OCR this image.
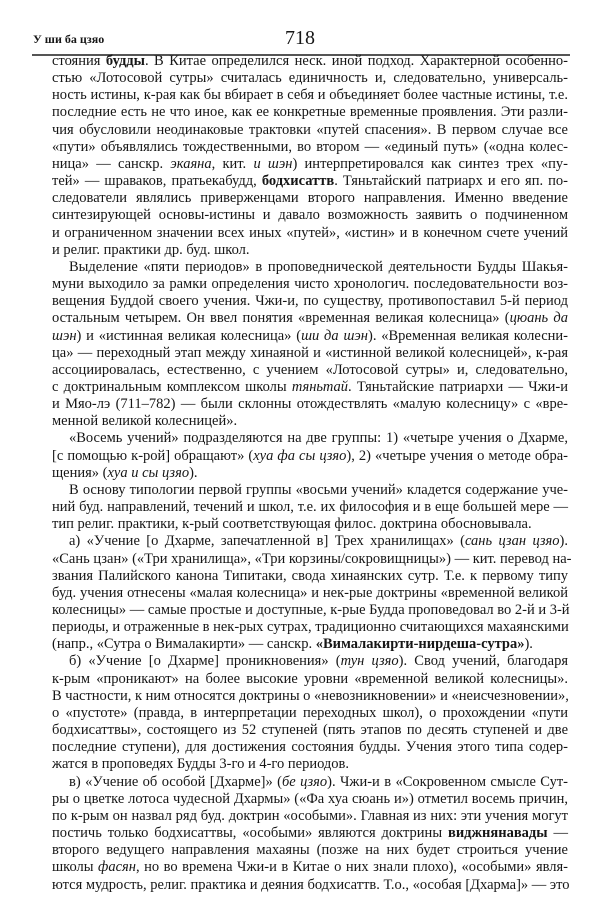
У ши ба цзяо	718
стояния будды. В Китае определился неск. иной подход. Характерной особенно-
стью «Лотосовой сутры» считалась единичность и, следовательно, универсаль-
ность истины, к-рая как бы вбирает в себя и объединяет более частные истины, т.е.
последние есть не что иное, как ее конкретные временные проявления. Эти разли-
чия обусловили неодинаковые трактовки «путей спасения». В первом случае все
«пути» объявлялись тождественными, во втором — «единый путь» («одна колес-
ница» — санскр. экаяна, кит. и шэн) интерпретировался как синтез трех «пу-
тей» — шраваков, пратьекабудд, бодхисаттв. Тяньтайский патриарх и его яп. по-
следователи являлись приверженцами второго направления. Именно введение
синтезирующей основы-истины и давало возможность заявить о подчиненном
и ограниченном значении всех иных «путей», «истин» и в конечном счете учений
и религ. практики др. буд. школ.
Выделение «пяти периодов» в проповеднической деятельности Будды Шакья-
муни выходило за рамки определения чисто хронологич. последовательности воз-
вещения Буддой своего учения. Чжи-и, по существу, противопоставил 5-й период
остальным четырем. Он ввел понятия «временная великая колесница» (цюань да
шэн) и «истинная великая колесница» (ши да шэн). «Временная великая колесни-
ца» — переходный этап между хинаяной и «истинной великой колесницей», к-рая
ассоциировалась, естественно, с учением «Лотосовой сутры» и, следовательно,
с доктринальным комплексом школы тяньтай. Тяньтайские патриархи — Чжи-и
и Мяо-лэ (711–782) — были склонны отождествлять «малую колесницу» с «вре-
менной великой колесницей».
«Восемь учений» подразделяются на две группы: 1) «четыре учения о Дхарме,
[с помощью к-рой] обращают» (хуа фа сы цзяо), 2) «четыре учения о методе обра-
щения» (хуа и сы цзяо).
В основу типологии первой группы «восьми учений» кладется содержание уче-
ний буд. направлений, течений и школ, т.е. их философия и в еще большей мере —
тип религ. практики, к-рый соответствующая филос. доктрина обосновывала.
а) «Учение [о Дхарме, запечатленной в] Трех хранилищах» (сань цзан цзяо).
«Сань цзан» («Три хранилища», «Три корзины/сокровищницы») — кит. перевод на-
звания Палийского канона Типитаки, свода хинаянских сутр. Т.е. к первому типу
буд. учения отнесены «малая колесница» и нек-рые доктрины «временной великой
колесницы» — самые простые и доступные, к-рые Будда проповедовал во 2-й и 3-й
периоды, и отраженные в нек-рых сутрах, традиционно считающихся махаянскими
(напр., «Сутра о Вималакирти» — санскр. «Вималакирти-нирдеша-сутра»).
б) «Учение [о Дхарме] проникновения» (тун цзяо). Свод учений, благодаря
к-рым «проникают» на более высокие уровни «временной великой колесницы».
В частности, к ним относятся доктрины о «невозникновении» и «неисчезновении»,
о «пустоте» (правда, в интерпретации переходных школ), о прохождении «пути
бодхисаттвы», состоящего из 52 ступеней (пять этапов по десять ступеней и две
последние ступени), для достижения состояния будды. Учения этого типа содер-
жатся в проповедях Будды 3-го и 4-го периодов.
в) «Учение об особой [Дхарме]» (бе цзяо). Чжи-и в «Сокровенном смысле Сут-
ры о цветке лотоса чудесной Дхармы» («Фа хуа сюань и») отметил восемь причин,
по к-рым он назвал ряд буд. доктрин «особыми». Главная из них: эти учения могут
постичь только бодхисаттвы, «особыми» являются доктрины виджнянавады —
второго ведущего направления махаяны (позже на них будет строиться учение
школы фасян, но во времена Чжи-и в Китае о них знали плохо), «особыми» явля-
ются мудрость, религ. практика и деяния бодхисаттв. Т.о., «особая [Дхарма]» — это
